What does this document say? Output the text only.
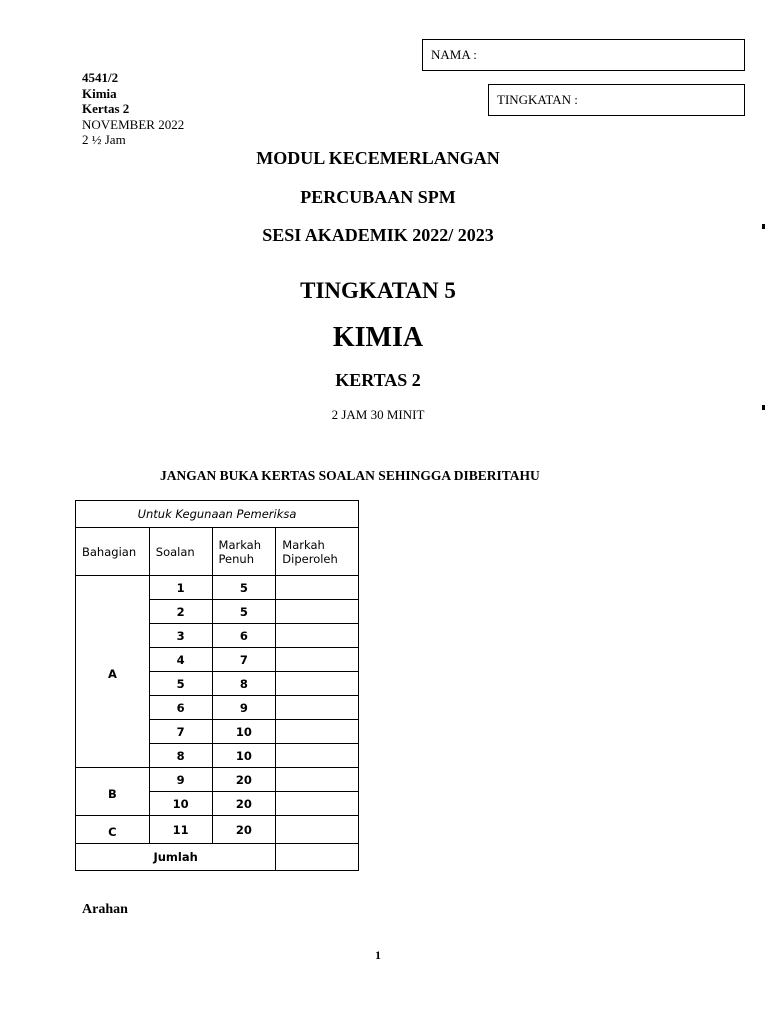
NAMA :
TINGKATAN :
4541/2
Kimia
Kertas 2
NOVEMBER 2022
2 ½ Jam
MODUL KECEMERLANGAN
PERCUBAAN SPM
SESI AKADEMIK 2022/ 2023
TINGKATAN 5
KIMIA
KERTAS 2
2 JAM 30 MINIT
JANGAN BUKA KERTAS SOALAN SEHINGGA DIBERITAHU
Untuk Kegunaan Pemeriksa			
Bahagian	Soalan	Markah Penuh	Markah Diperoleh
A	1	5	
	2	5	
	3	6	
	4	7	
	5	8	
	6	9	
	7	10	
	8	10	
B	9	20	
	10	20	
C	11	20	
Jumlah			
Arahan
1
